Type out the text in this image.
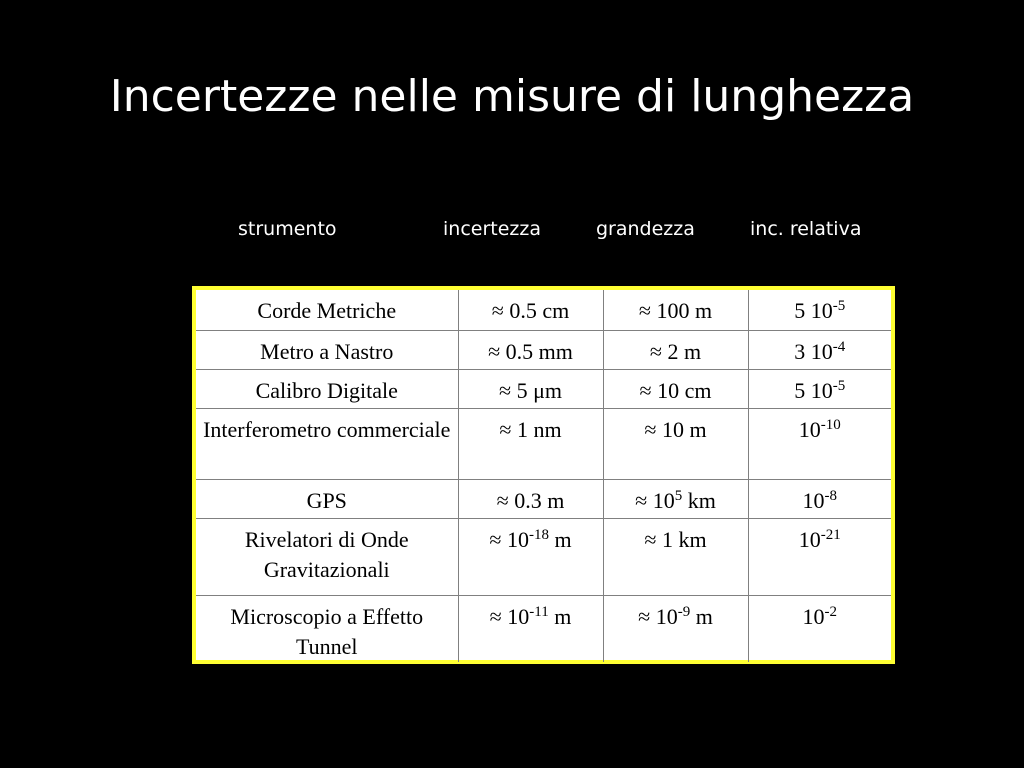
Incertezze nelle misure di lunghezza
strumento	incertezza	grandezza	inc. relativa
Corde Metriche	≈ 0.5 cm	≈ 100 m	5 $10^{-5}$
Metro a Nastro	≈ 0.5 mm	≈ 2 m	3 $10^{-4}$
Calibro Digitale	≈ 5 μm	≈ 10 cm	5 $10^{-5}$
Interferometro commerciale	≈ 1 nm	≈ 10 m	$10^{-10}$
GPS	≈ 0.3 m	≈ $10^5$ km	$10^{-8}$
Rivelatori di Onde Gravitazionali	≈ $10^{-18}$ m	≈ 1 km	$10^{-21}$
Microscopio a Effetto Tunnel	≈ $10^{-11}$ m	≈ $10^{-9}$ m	$10^{-2}$
